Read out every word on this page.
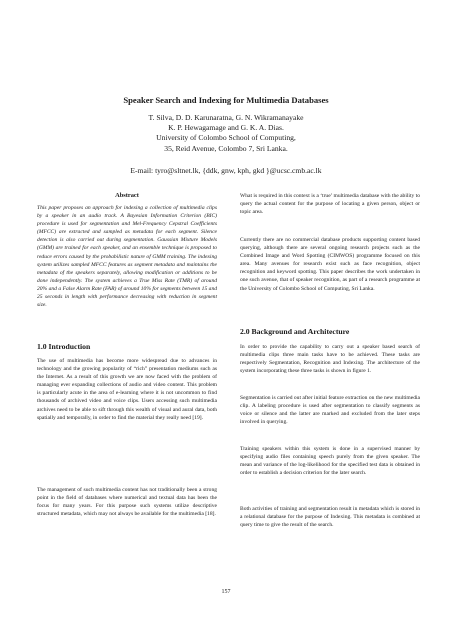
Speaker Search and Indexing for Multimedia Databases
T. Silva, D. D. Karunaratna, G. N. Wikramanayake
K. P. Hewagamage and G. K. A. Dias.
University of Colombo School of Computing,
35, Reid Avenue, Colombo 7, Sri Lanka.
E-mail: tyro@sltnet.lk, {ddk, gnw, kph, gkd }@ucsc.cmb.ac.lk
Abstract

This paper proposes an approach for indexing a collection of multimedia clips by a speaker in an audio track. A Bayesian Information Criterion (BIC) procedure is used for segmentation and Mel-Frequency Cepstral Coefficients (MFCC) are extracted and sampled as metadata for each segment. Silence detection is also carried out during segmentation. Gaussian Mixture Models (GMM) are trained for each speaker, and an ensemble technique is proposed to reduce errors caused by the probabilistic nature of GMM training. The indexing system utilizes sampled MFCC features as segment metadata and maintains the metadata of the speakers separately, allowing modification or additions to be done independently. The system achieves a True Miss Rate (TMR) of around 20% and a False Alarm Rate (FAR) of around 10% for segments between 15 and 25 seconds in length with performance decreasing with reduction in segment size.

1.0 Introduction

The use of multimedia has become more widespread due to advances in technology and the growing popularity of “rich” presentation mediums such as the Internet. As a result of this growth we are now faced with the problem of managing ever expanding collections of audio and video content. This problem is particularly acute in the area of e-learning where it is not uncommon to find thousands of archived video and voice clips. Users accessing such multimedia archives need to be able to sift through this wealth of visual and aural data, both spatially and temporally, in order to find the material they really need [19].

The management of such multimedia content has not traditionally been a strong point in the field of databases where numerical and textual data has been the focus for many years. For this purpose such systems utilize descriptive structured metadata, which may not always be available for the multimedia [18].

What is required in this context is a ‘true’ multimedia database with the ability to query the actual content for the purpose of locating a given person, object or topic area.

Currently there are no commercial database products supporting content based querying, although there are several ongoing research projects such as the Combined Image and Word Spotting (CIMWOS) programme focused on this area. Many avenues for research exist such as face recognition, object recognition and keyword spotting. This paper describes the work undertaken in one such avenue, that of speaker recognition, as part of a research programme at the University of Colombo School of Computing, Sri Lanka.

2.0 Background and Architecture

In order to provide the capability to carry out a speaker based search of multimedia clips three main tasks have to be achieved. These tasks are respectively Segmentation, Recognition and Indexing. The architecture of the system incorporating these three tasks is shown in figure 1.

Segmentation is carried out after initial feature extraction on the new multimedia clip. A labeling procedure is used after segmentation to classify segments as voice or silence and the latter are marked and excluded from the later steps involved in querying.

Training speakers within this system is done in a supervised manner by specifying audio files containing speech purely from the given speaker. The mean and variance of the log-likelihood for the specified test data is obtained in order to establish a decision criterion for the later search.

Both activities of training and segmentation result in metadata which is stored in a relational database for the purpose of Indexing. This metadata is combined at query time to give the result of the search.

157
